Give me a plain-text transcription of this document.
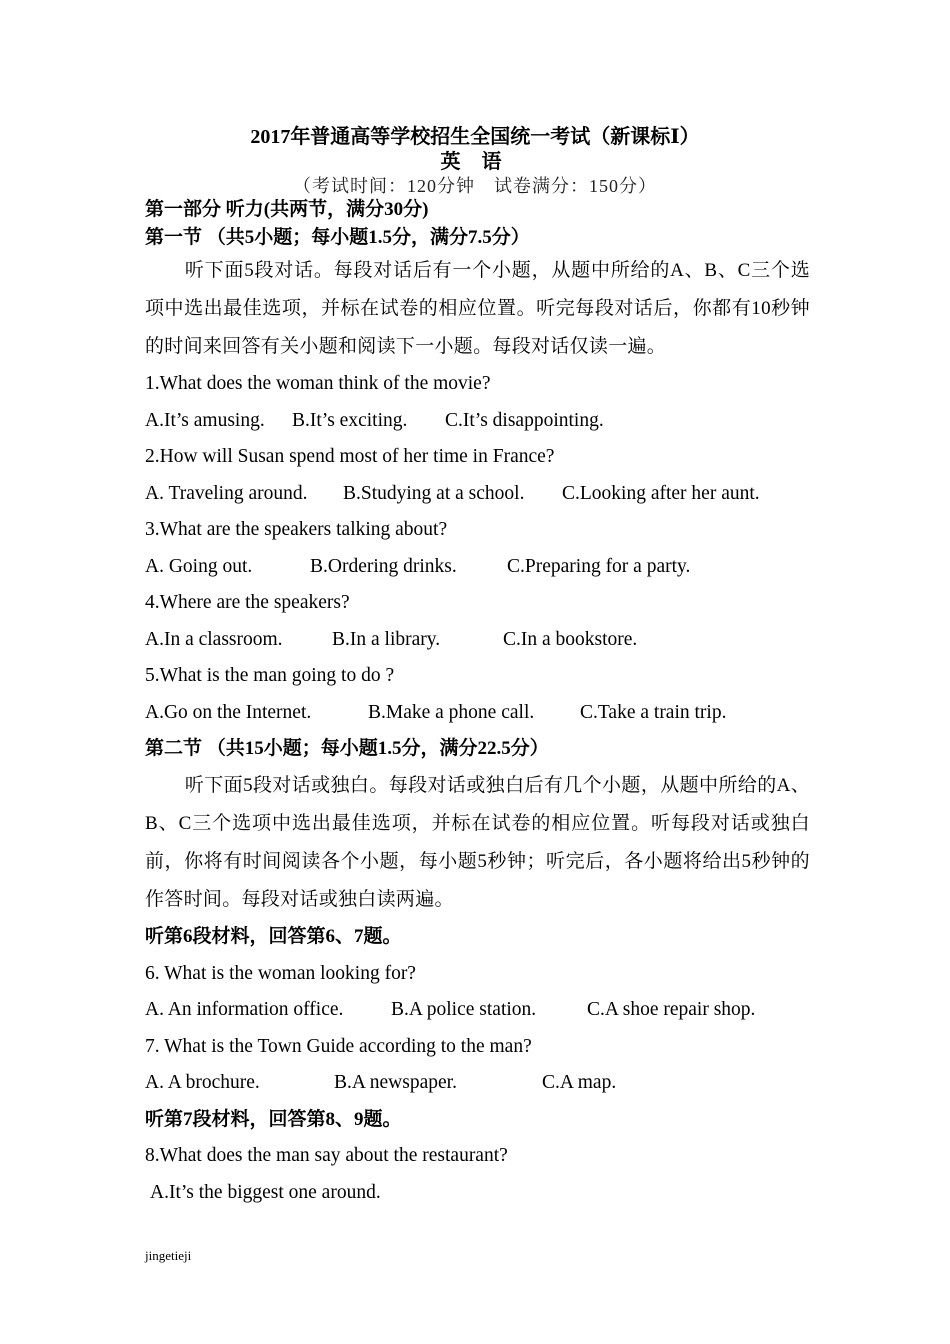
2017年普通高等学校招生全国统一考试（新课标Ⅰ）
英 语
（考试时间：120分钟　试卷满分：150分）
第一部分 听力(共两节，满分30分)
第一节 （共5小题；每小题1.5分，满分7.5分）

听下面5段对话。每段对话后有一个小题，从题中所给的A、B、C三个选项中选出最佳选项，并标在试卷的相应位置。听完每段对话后，你都有10秒钟的时间来回答有关小题和阅读下一小题。每段对话仅读一遍。

1.What does the woman think of the movie?
A.It’s amusing.	B.It’s exciting.	C.It’s disappointing.
2.How will Susan spend most of her time in France?
A. Traveling around.	B.Studying at a school.	C.Looking after her aunt.
3.What are the speakers talking about?
A. Going out.	B.Ordering drinks.	C.Preparing for a party.
4.Where are the speakers?
A.In a classroom.	B.In a library.	C.In a bookstore.
5.What is the man going to do ?
A.Go on the Internet.	B.Make a phone call.	C.Take a train trip.
第二节 （共15小题；每小题1.5分，满分22.5分）

听下面5段对话或独白。每段对话或独白后有几个小题，从题中所给的A、B、C三个选项中选出最佳选项，并标在试卷的相应位置。听每段对话或独白前，你将有时间阅读各个小题，每小题5秒钟；听完后，各小题将给出5秒钟的作答时间。每段对话或独白读两遍。

听第6段材料，回答第6、7题。
6. What is the woman looking for?
A. An information office.	B.A police station.	C.A shoe repair shop.
7. What is the Town Guide according to the man?
A. A brochure.	B.A newspaper.	C.A map.
听第7段材料，回答第8、9题。
8.What does the man say about the restaurant?
A.It’s the biggest one around.
jingetieji
